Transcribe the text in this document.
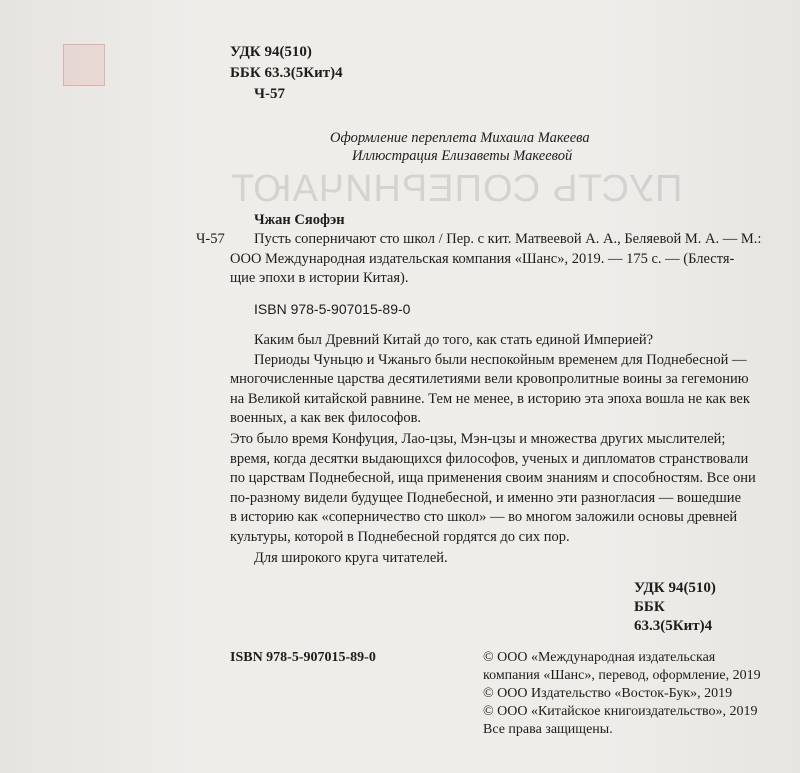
ПУСТЬ СОПЕРНИЧАЮТ
УДК 94(510)
ББК 63.3(5Кит)4
Ч-57
Оформление переплета Михаила Макеева
Иллюстрация Елизаветы Макеевой
Чжан Сяофэн
Ч-57 Пусть соперничают сто школ / Пер. с кит. Матвеевой А. А., Беляевой М. А. — М.:
ООО Международная издательская компания «Шанс», 2019. — 175 с. — (Блестя-
щие эпохи в истории Китая).
ISBN 978-5-907015-89-0
Каким был Древний Китай до того, как стать единой Империей?
Периоды Чуньцю и Чжаньго были неспокойным временем для Поднебесной —
многочисленные царства десятилетиями вели кровопролитные воины за гегемонию
на Великой китайской равнине. Тем не менее, в историю эта эпоха вошла не как век
военных, а как век философов.
Это было время Конфуция, Лао-цзы, Мэн-цзы и множества других мыслителей;
время, когда десятки выдающихся философов, ученых и дипломатов странствовали
по царствам Поднебесной, ища применения своим знаниям и способностям. Все они
по-разному видели будущее Поднебесной, и именно эти разногласия — вошедшие
в историю как «соперничество сто школ» — во многом заложили основы древней
культуры, которой в Поднебесной гордятся до сих пор.
Для широкого круга читателей.
УДК 94(510)
ББК
63.3(5Кит)4
ISBN 978-5-907015-89-0	© ООО «Международная издательская
компания «Шанс», перевод, оформление, 2019
© ООО Издательство «Восток-Бук», 2019
© ООО «Китайское книгоиздательство», 2019
Все права защищены.
